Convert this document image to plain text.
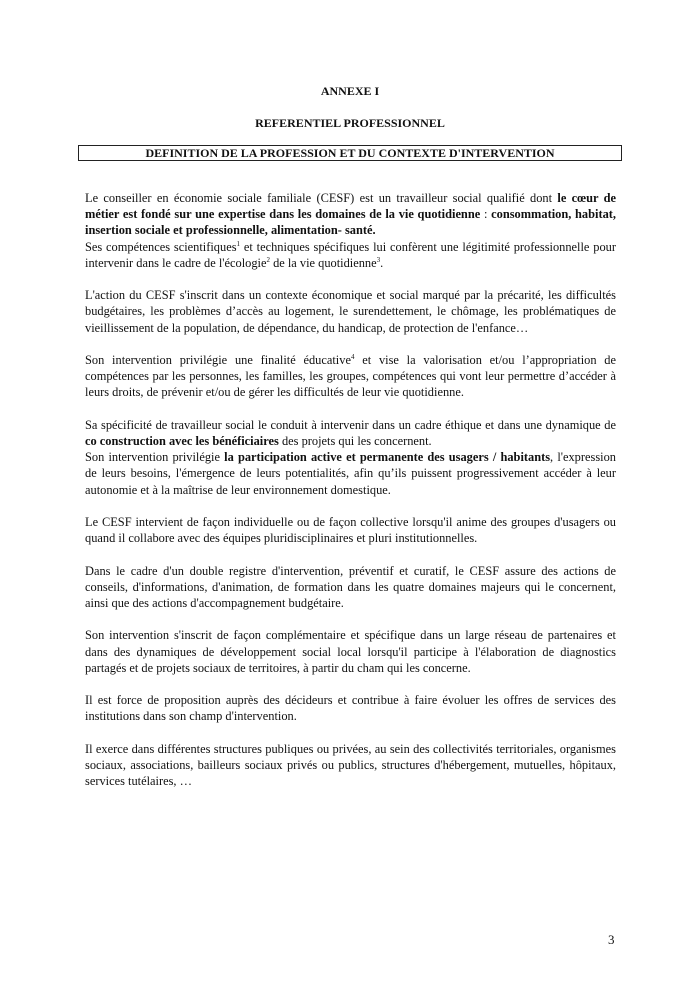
ANNEXE I
REFERENTIEL PROFESSIONNEL
DEFINITION DE LA PROFESSION ET DU CONTEXTE D'INTERVENTION

Le conseiller en économie sociale familiale (CESF) est un travailleur social qualifié dont le cœur de métier est fondé sur une expertise dans les domaines de la vie quotidienne : consommation, habitat, insertion sociale et professionnelle, alimentation- santé.

Ses compétences scientifiques$^1$ et techniques spécifiques lui confèrent une légitimité professionnelle pour intervenir dans le cadre de l'écologie$^2$ de la vie quotidienne$^3$.

L'action du CESF s'inscrit dans un contexte économique et social marqué par la précarité, les difficultés budgétaires, les problèmes d’accès au logement, le surendettement, le chômage, les problématiques de vieillissement de la population, de dépendance, du handicap, de protection de l'enfance…

Son intervention privilégie une finalité éducative$^4$ et vise la valorisation et/ou l’appropriation de compétences par les personnes, les familles, les groupes, compétences qui vont leur permettre d’accéder à leurs droits, de prévenir et/ou de gérer les difficultés de leur vie quotidienne.

Sa spécificité de travailleur social le conduit à intervenir dans un cadre éthique et dans une dynamique de co construction avec les bénéficiaires des projets qui les concernent.

Son intervention privilégie la participation active et permanente des usagers / habitants, l'expression de leurs besoins, l'émergence de leurs potentialités, afin qu’ils puissent progressivement accéder à leur autonomie et à la maîtrise de leur environnement domestique.

Le CESF intervient de façon individuelle ou de façon collective lorsqu'il anime des groupes d'usagers ou quand il collabore avec des équipes pluridisciplinaires et pluri institutionnelles.

Dans le cadre d'un double registre d'intervention, préventif et curatif, le CESF assure des actions de conseils, d'informations, d'animation, de formation dans les quatre domaines majeurs qui le concernent, ainsi que des actions d'accompagnement budgétaire.

Son intervention s'inscrit de façon complémentaire et spécifique dans un large réseau de partenaires et dans des dynamiques de développement social local lorsqu'il participe à l'élaboration de diagnostics partagés et de projets sociaux de territoires, à partir du cham qui les concerne.

Il est force de proposition auprès des décideurs et contribue à faire évoluer les offres de services des institutions dans son champ d'intervention.

Il exerce dans différentes structures publiques ou privées, au sein des collectivités territoriales, organismes sociaux, associations, bailleurs sociaux privés ou publics, structures d'hébergement, mutuelles, hôpitaux, services tutélaires, …

3
